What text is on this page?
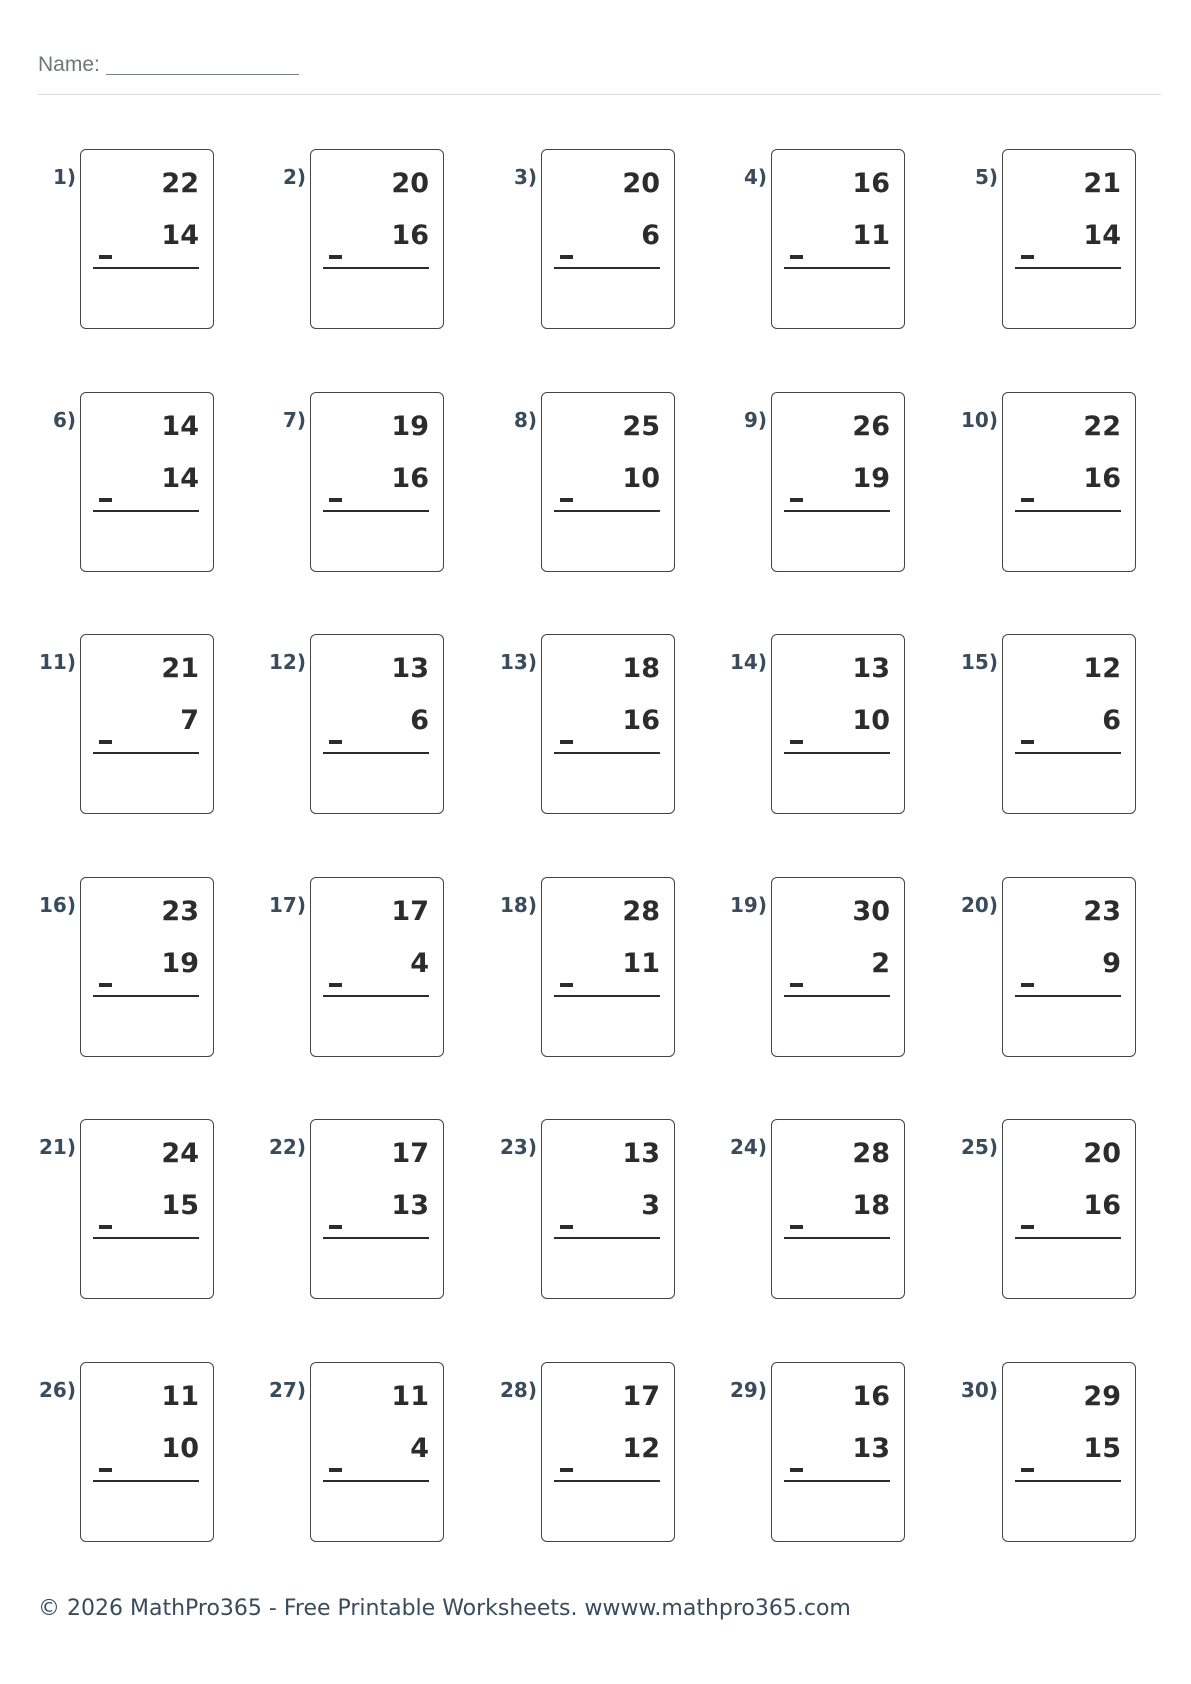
Name:
1)	22
14
2)	20
16
3)	20
6
4)	16
11
5)	21
14
6)	14
14
7)	19
16
8)	25
10
9)	26
19
10)	22
16
11)	21
7
12)	13
6
13)	18
16
14)	13
10
15)	12
6
16)	23
19
17)	17
4
18)	28
11
19)	30
2
20)	23
9
21)	24
15
22)	17
13
23)	13
3
24)	28
18
25)	20
16
26)	11
10
27)	11
4
28)	17
12
29)	16
13
30)	29
15
© 2026 MathPro365 - Free Printable Worksheets. wwww.mathpro365.com
